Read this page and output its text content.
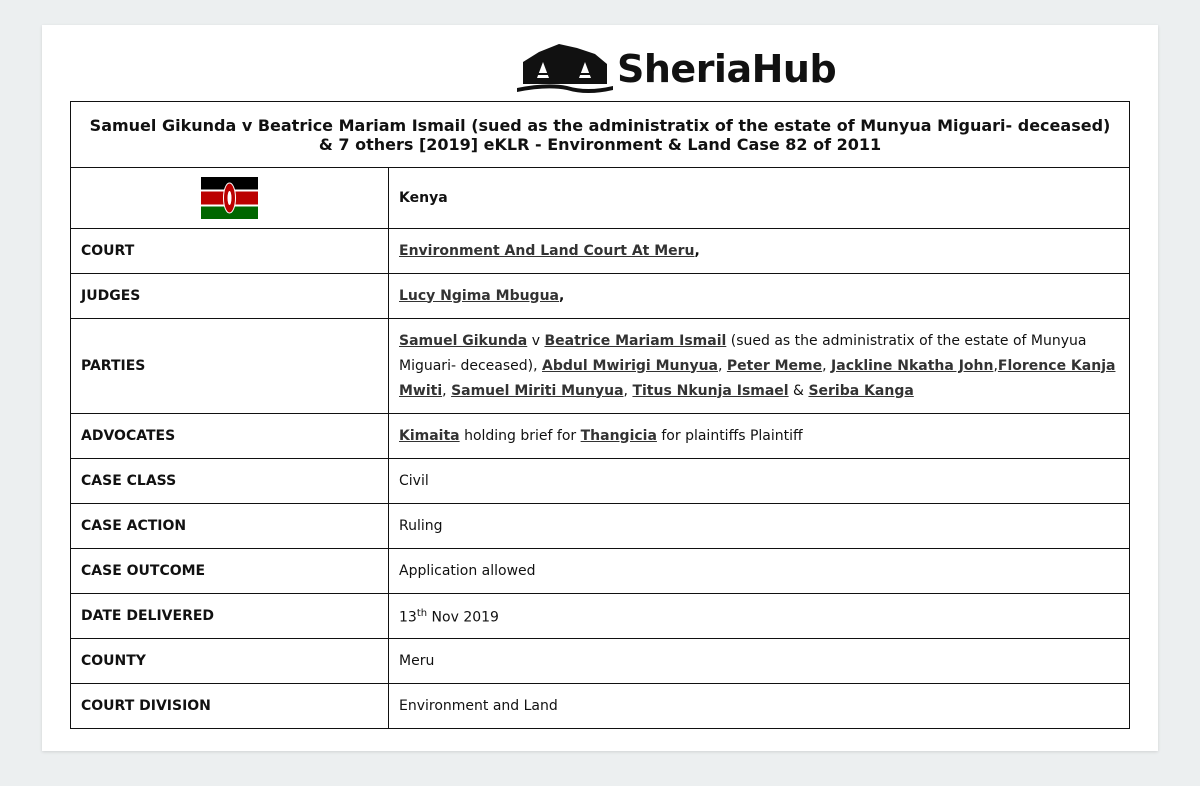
SheriaHub
Samuel Gikunda v Beatrice Mariam Ismail (sued as the administratix of the estate of Munyua Miguari- deceased) & 7 others [2019] eKLR - Environment & Land Case 82 of 2011	

	Kenya
COURT	Environment And Land Court At Meru,
JUDGES	Lucy Ngima Mbugua,
PARTIES	Samuel Gikunda v Beatrice Mariam Ismail (sued as the administratix of the estate of Munyua Miguari- deceased), Abdul Mwirigi Munyua, Peter Meme, Jackline Nkatha John,Florence Kanja Mwiti, Samuel Miriti Munyua, Titus Nkunja Ismael & Seriba Kanga
ADVOCATES	Kimaita holding brief for Thangicia for plaintiffs Plaintiff
CASE CLASS	Civil
CASE ACTION	Ruling
CASE OUTCOME	Application allowed
DATE DELIVERED	13th Nov 2019
COUNTY	Meru
COURT DIVISION	Environment and Land
